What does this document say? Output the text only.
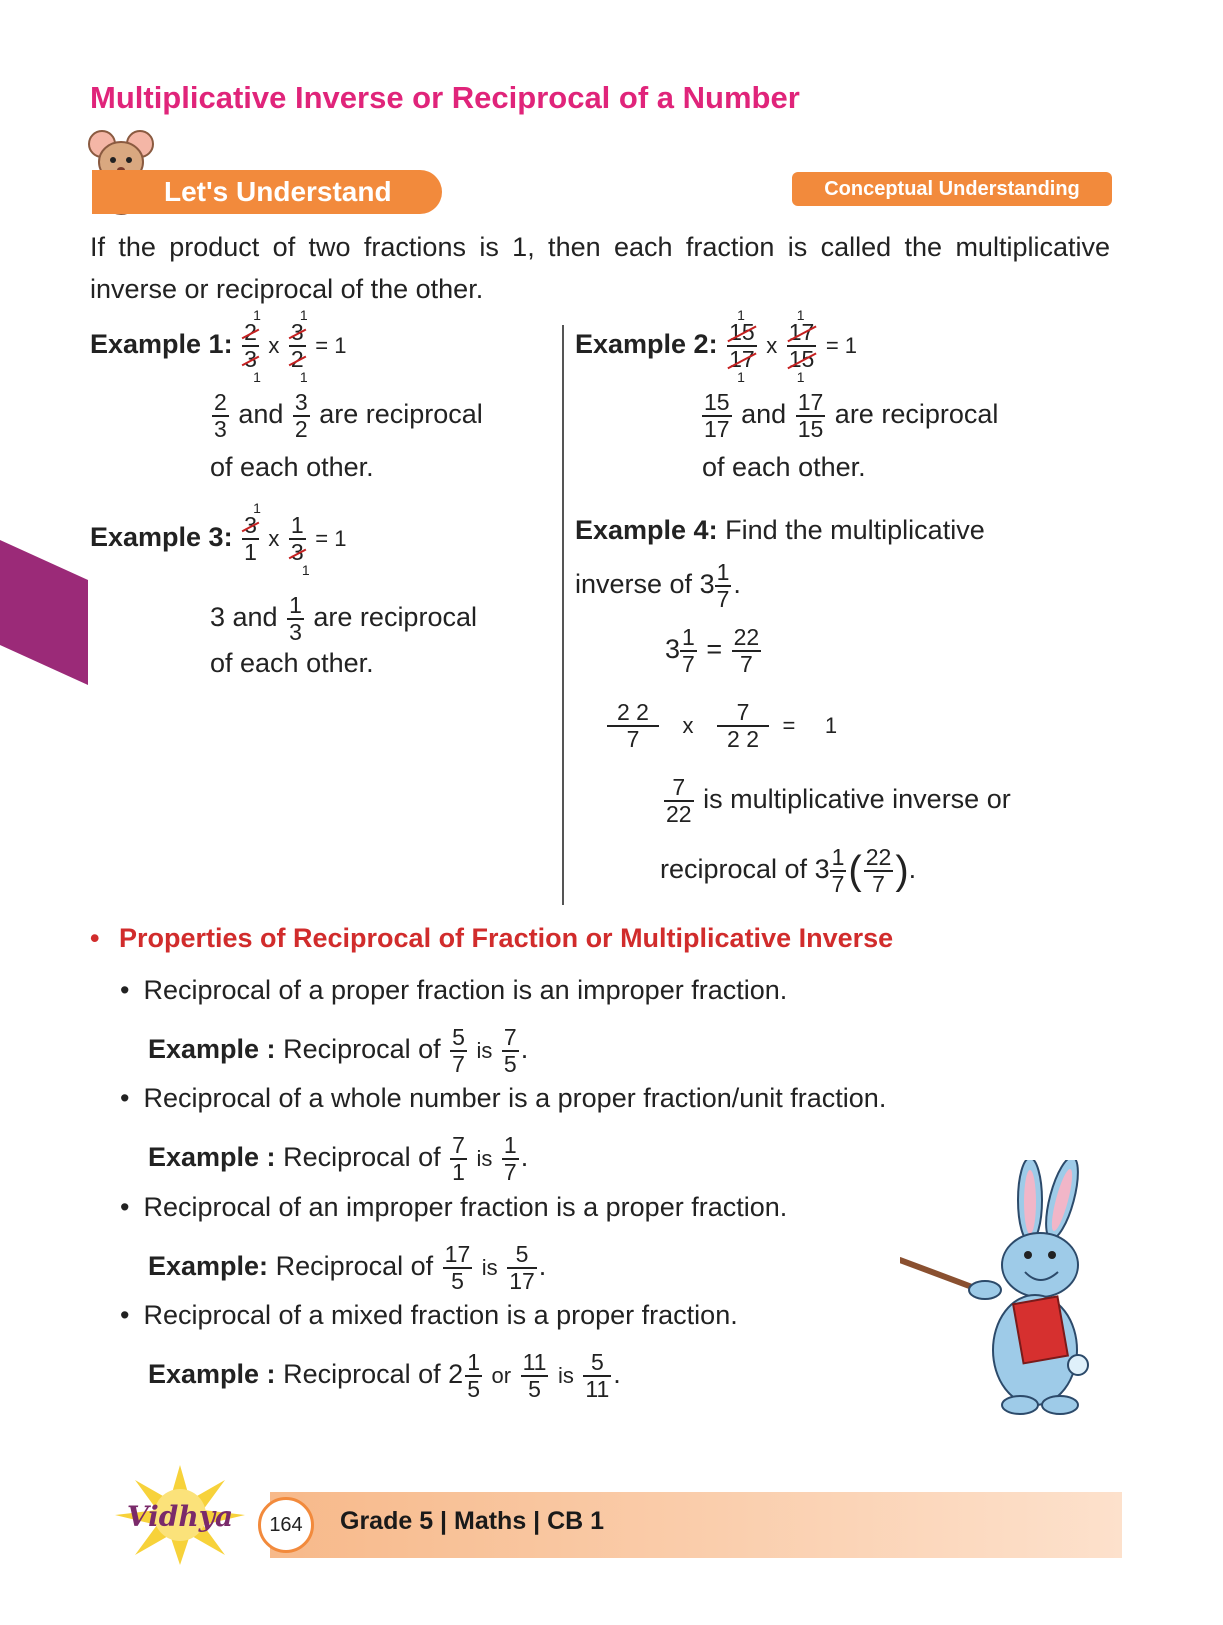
Multiplicative Inverse or Reciprocal of a Number
Let's Understand	Conceptual Understanding

If the product of two fractions is 1, then each fraction is called the multiplicative inverse or reciprocal of the other.

Example 1: 2
3
1
1
x
3
2
1
1
= 1
$\frac{2}{3}$ and $\frac{3}{2}$ are reciprocal
of each other.
Example 2: 15
17
1
1
x
17
15
1
1
= 1
$\frac{15}{17}$ and $\frac{17}{15}$ are reciprocal
of each other.
Example 3: 3
1
1
x
1
3
1
= 1
3 and $\frac{1}{3}$ are reciprocal
of each other.
Example 4: Find the multiplicative
inverse of $3 \frac{1}{7}$ .
$3 \frac{1}{7} = \frac{22}{7}$
$\frac{2 2}{7}$ x $\frac{7}{2 2} = 1$
$\frac{7}{22}$ is multiplicative inverse or
reciprocal of $3 \frac{1}{7}$ ( $\frac{22}{7}$ ).
• Properties of Reciprocal of Fraction or Multiplicative Inverse
• Reciprocal of a proper fraction is an improper fraction.
Example : Reciprocal of $\frac{5}{7}$ is $\frac{7}{5}$ .
• Reciprocal of a whole number is a proper fraction/unit fraction.
Example : Reciprocal of $\frac{7}{1}$ is $\frac{1}{7}$ .
• Reciprocal of an improper fraction is a proper fraction.
Example: Reciprocal of $\frac{17}{5}$ is $\frac{5}{17}$ .
• Reciprocal of a mixed fraction is a proper fraction.
Example : Reciprocal of $2 \frac{1}{5}$ or $\frac{11}{5}$ is $\frac{5}{11}$ .
Vidhya	164	Grade 5 | Maths | CB 1
